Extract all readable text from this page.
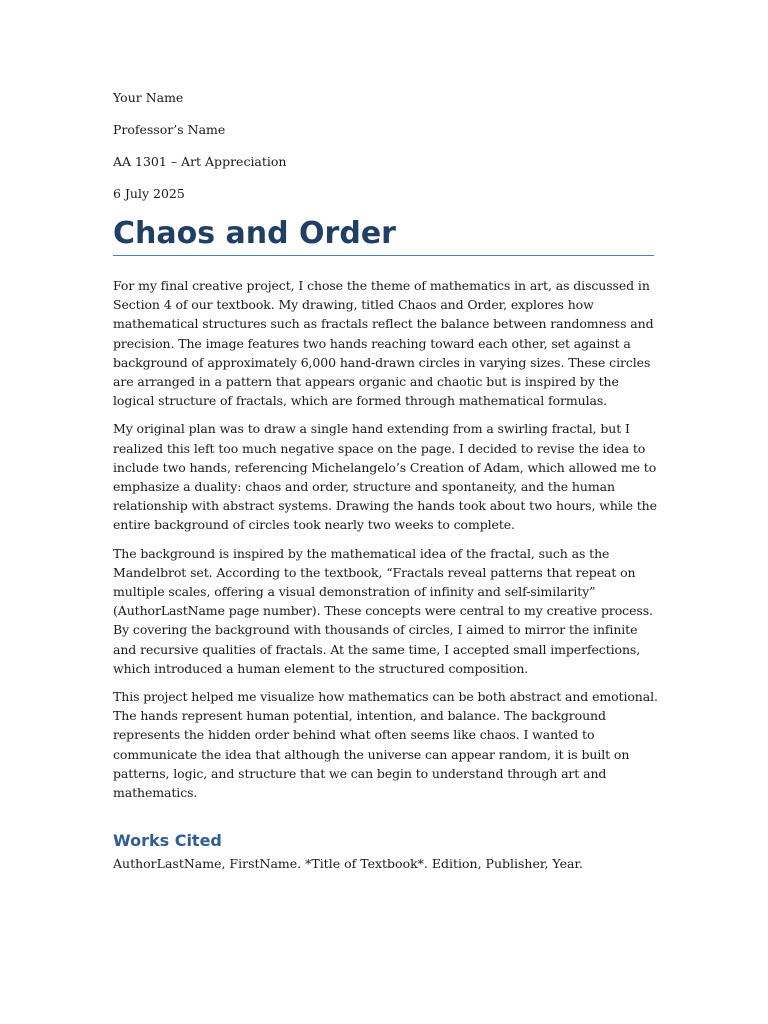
Your Name

Professor’s Name

AA 1301 – Art Appreciation

6 July 2025

Chaos and Order

For my final creative project, I chose the theme of mathematics in art, as discussed in Section 4 of our textbook. My drawing, titled Chaos and Order, explores how mathematical structures such as fractals reflect the balance between randomness and precision. The image features two hands reaching toward each other, set against a background of approximately 6,000 hand-drawn circles in varying sizes. These circles are arranged in a pattern that appears organic and chaotic but is inspired by the logical structure of fractals, which are formed through mathematical formulas.

My original plan was to draw a single hand extending from a swirling fractal, but I realized this left too much negative space on the page. I decided to revise the idea to include two hands, referencing Michelangelo’s Creation of Adam, which allowed me to emphasize a duality: chaos and order, structure and spontaneity, and the human relationship with abstract systems. Drawing the hands took about two hours, while the entire background of circles took nearly two weeks to complete.

The background is inspired by the mathematical idea of the fractal, such as the Mandelbrot set. According to the textbook, “Fractals reveal patterns that repeat on multiple scales, offering a visual demonstration of infinity and self-similarity” (AuthorLastName page number). These concepts were central to my creative process. By covering the background with thousands of circles, I aimed to mirror the infinite and recursive qualities of fractals. At the same time, I accepted small imperfections, which introduced a human element to the structured composition.

This project helped me visualize how mathematics can be both abstract and emotional. The hands represent human potential, intention, and balance. The background represents the hidden order behind what often seems like chaos. I wanted to communicate the idea that although the universe can appear random, it is built on patterns, logic, and structure that we can begin to understand through art and mathematics.

Works Cited

AuthorLastName, FirstName. *Title of Textbook*. Edition, Publisher, Year.
